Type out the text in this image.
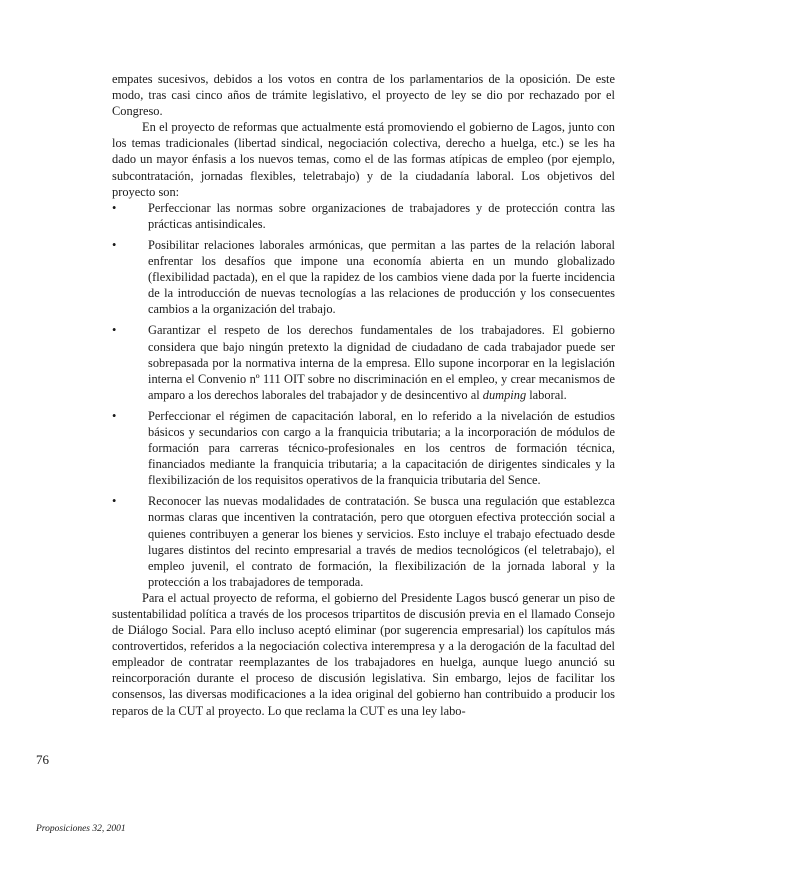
empates sucesivos, debidos a los votos en contra de los parlamentarios de la oposición. De este modo, tras casi cinco años de trámite legislativo, el proyecto de ley se dio por rechazado por el Congreso.

En el proyecto de reformas que actualmente está promoviendo el gobierno de Lagos, junto con los temas tradicionales (libertad sindical, negociación colectiva, derecho a huelga, etc.) se les ha dado un mayor énfasis a los nuevos temas, como el de las formas atípicas de empleo (por ejemplo, subcontratación, jornadas flexibles, teletrabajo) y de la ciudadanía laboral. Los objetivos del proyecto son:

•	Perfeccionar las normas sobre organizaciones de trabajadores y de protección contra las prácticas antisindicales.
•	Posibilitar relaciones laborales armónicas, que permitan a las partes de la relación laboral enfrentar los desafíos que impone una economía abierta en un mundo globalizado (flexibilidad pactada), en el que la rapidez de los cambios viene dada por la fuerte incidencia de la introducción de nuevas tecnologías a las relaciones de producción y los consecuentes cambios a la organización del trabajo.
•	Garantizar el respeto de los derechos fundamentales de los trabajadores. El gobierno considera que bajo ningún pretexto la dignidad de ciudadano de cada trabajador puede ser sobrepasada por la normativa interna de la empresa. Ello supone incorporar en la legislación interna el Convenio nº 111 OIT sobre no discriminación en el empleo, y crear mecanismos de amparo a los derechos laborales del trabajador y de desincentivo al dumping laboral.
•	Perfeccionar el régimen de capacitación laboral, en lo referido a la nivelación de estudios básicos y secundarios con cargo a la franquicia tributaria; a la incorporación de módulos de formación para carreras técnico-profesionales en los centros de formación técnica, financiados mediante la franquicia tributaria; a la capacitación de dirigentes sindicales y la flexibilización de los requisitos operativos de la franquicia tributaria del Sence.
•	Reconocer las nuevas modalidades de contratación. Se busca una regulación que establezca normas claras que incentiven la contratación, pero que otorguen efectiva protección social a quienes contribuyen a generar los bienes y servicios. Esto incluye el trabajo efectuado desde lugares distintos del recinto empresarial a través de medios tecnológicos (el teletrabajo), el empleo juvenil, el contrato de formación, la flexibilización de la jornada laboral y la protección a los trabajadores de temporada.

Para el actual proyecto de reforma, el gobierno del Presidente Lagos buscó generar un piso de sustentabilidad política a través de los procesos tripartitos de discusión previa en el llamado Consejo de Diálogo Social. Para ello incluso aceptó eliminar (por sugerencia empresarial) los capítulos más controvertidos, referidos a la negociación colectiva interempresa y a la derogación de la facultad del empleador de contratar reemplazantes de los trabajadores en huelga, aunque luego anunció su reincorporación durante el proceso de discusión legislativa. Sin embargo, lejos de facilitar los consensos, las diversas modificaciones a la idea original del gobierno han contribuido a producir los reparos de la CUT al proyecto. Lo que reclama la CUT es una ley labo-

76
Proposiciones 32, 2001
